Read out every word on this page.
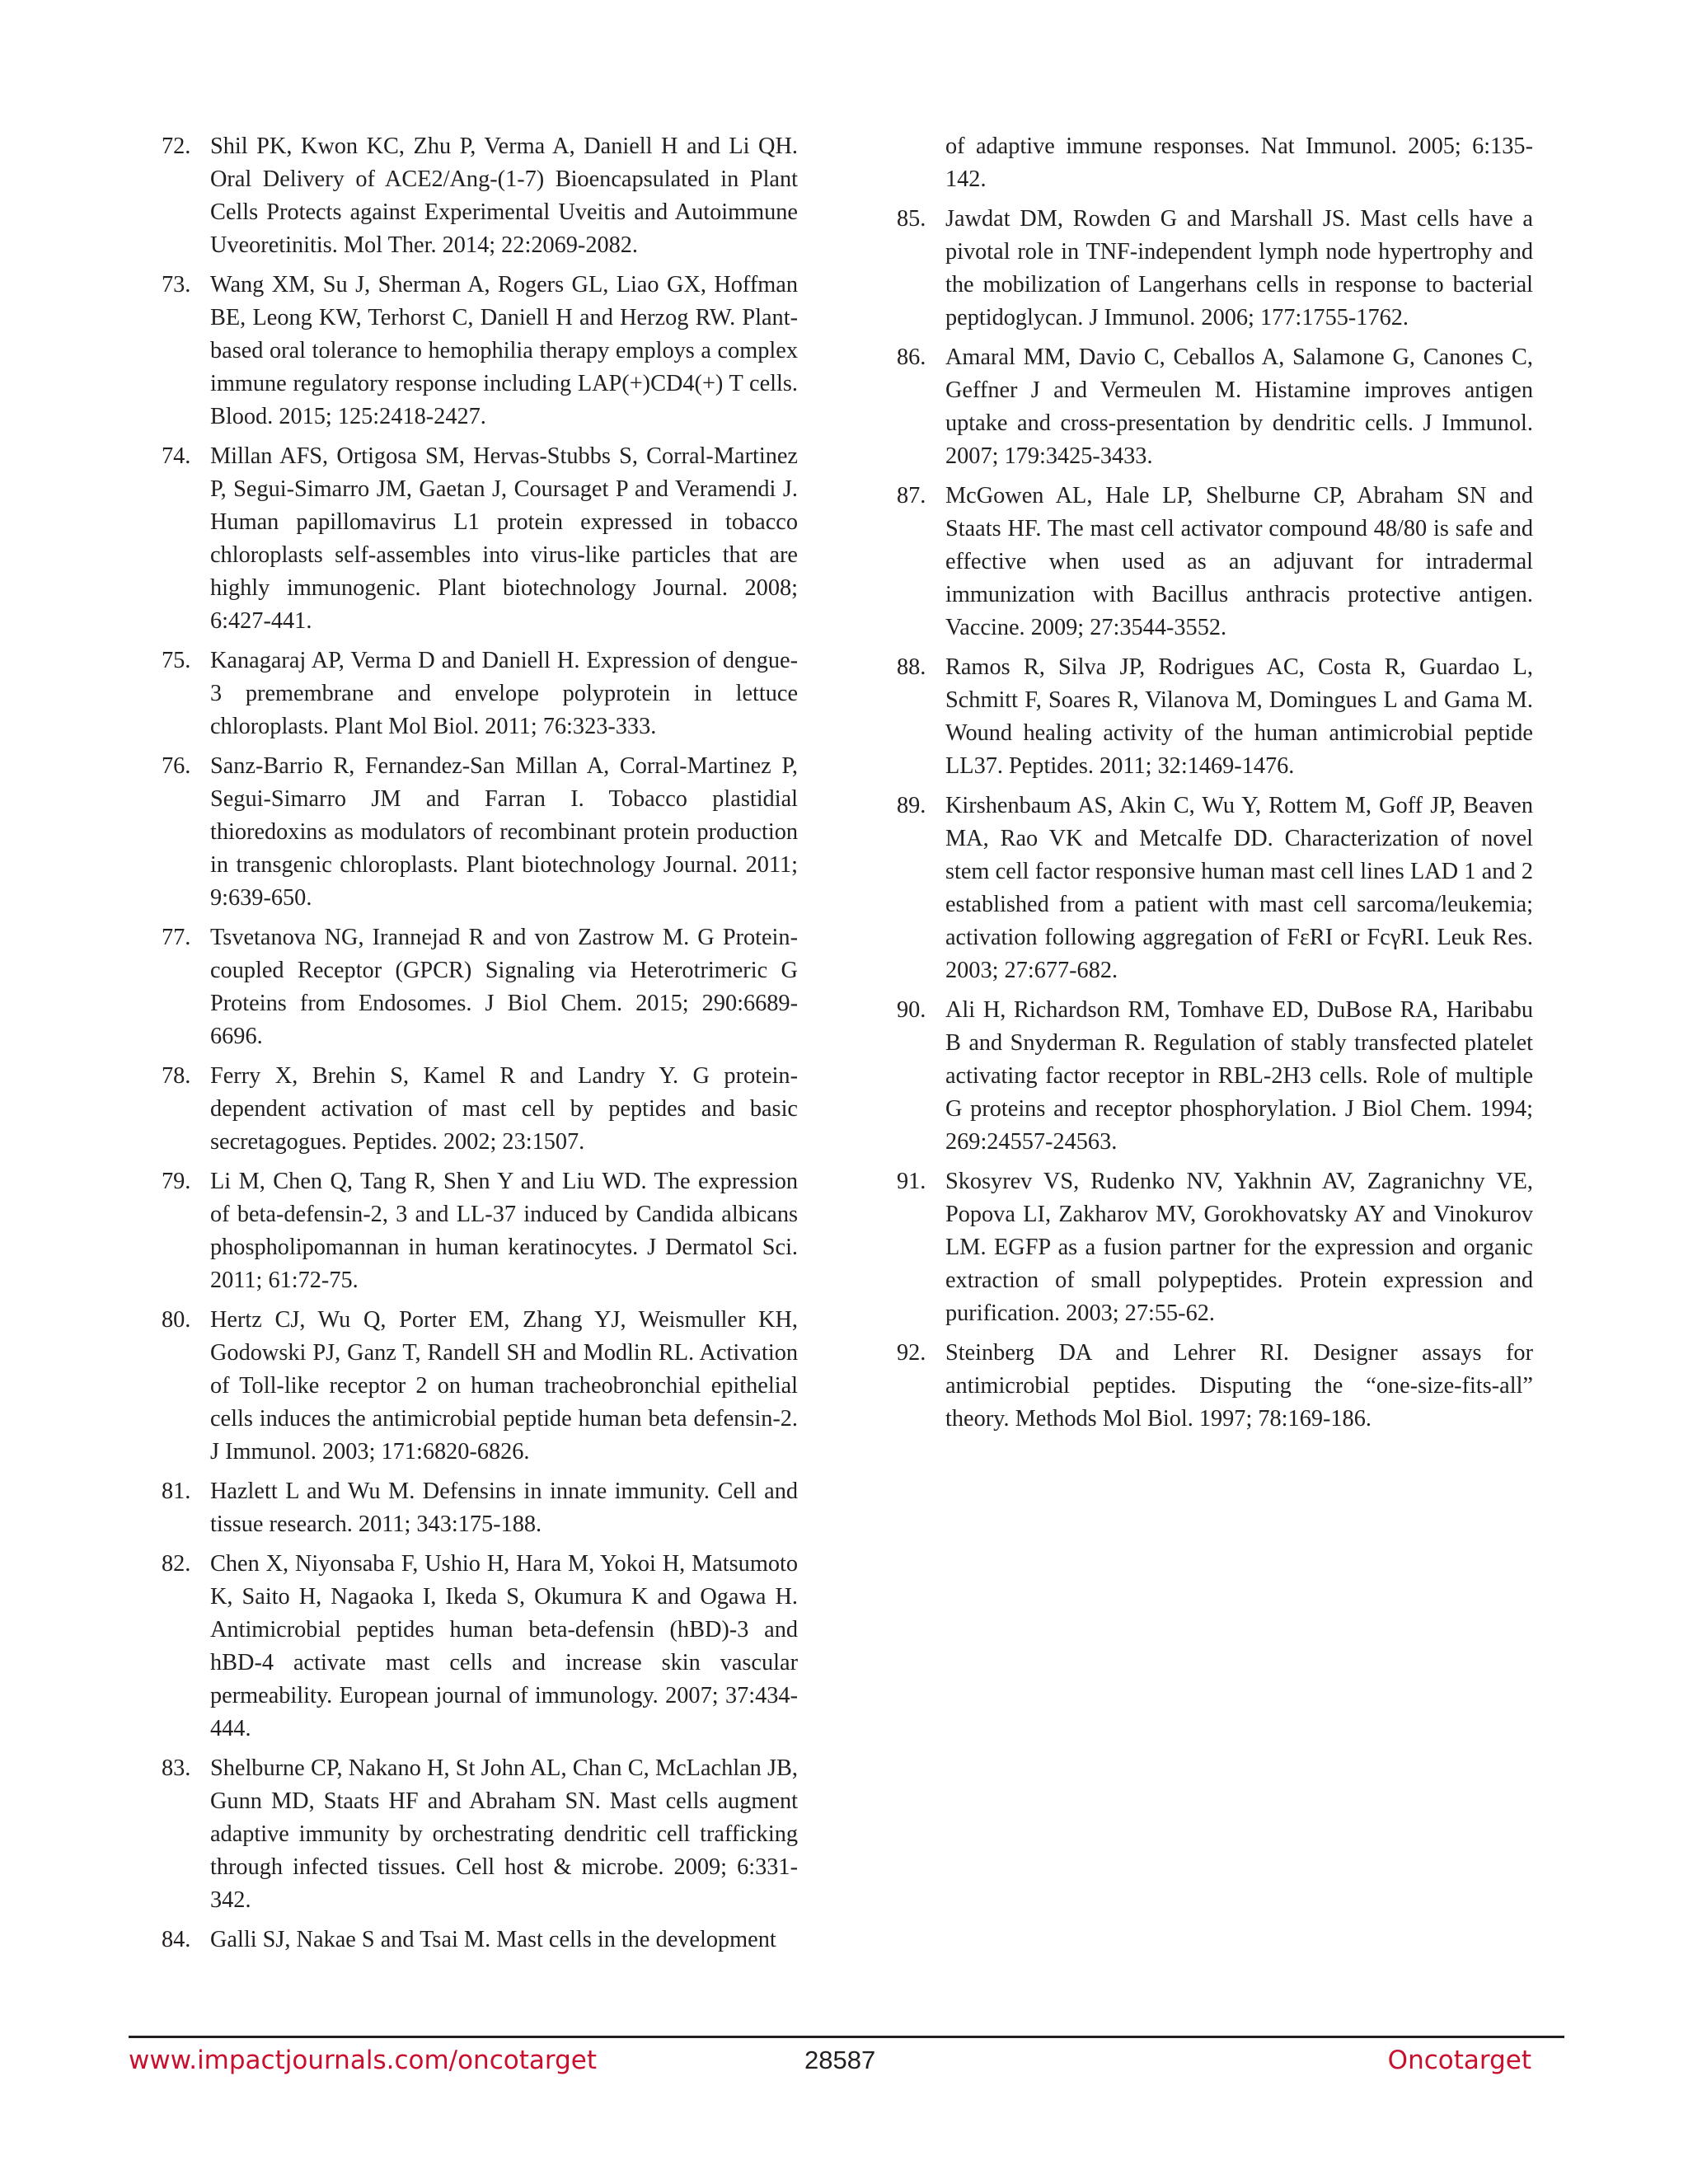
72. Shil PK, Kwon KC, Zhu P, Verma A, Daniell H and Li QH. Oral Delivery of ACE2/Ang-(1-7) Bioencapsulated in Plant Cells Protects against Experimental Uveitis and Autoimmune Uveoretinitis. Mol Ther. 2014; 22:2069-2082.
73. Wang XM, Su J, Sherman A, Rogers GL, Liao GX, Hoffman BE, Leong KW, Terhorst C, Daniell H and Herzog RW. Plant-based oral tolerance to hemophilia therapy employs a complex immune regulatory response including LAP(+)CD4(+) T cells. Blood. 2015; 125:2418-2427.
74. Millan AFS, Ortigosa SM, Hervas-Stubbs S, Corral-Martinez P, Segui-Simarro JM, Gaetan J, Coursaget P and Veramendi J. Human papillomavirus L1 protein expressed in tobacco chloroplasts self-assembles into virus-like particles that are highly immunogenic. Plant biotechnology Journal. 2008; 6:427-441.
75. Kanagaraj AP, Verma D and Daniell H. Expression of dengue-3 premembrane and envelope polyprotein in lettuce chloroplasts. Plant Mol Biol. 2011; 76:323-333.
76. Sanz-Barrio R, Fernandez-San Millan A, Corral-Martinez P, Segui-Simarro JM and Farran I. Tobacco plastidial thioredoxins as modulators of recombinant protein production in transgenic chloroplasts. Plant biotechnology Journal. 2011; 9:639-650.
77. Tsvetanova NG, Irannejad R and von Zastrow M. G Protein-coupled Receptor (GPCR) Signaling via Heterotrimeric G Proteins from Endosomes. J Biol Chem. 2015; 290:6689-6696.
78. Ferry X, Brehin S, Kamel R and Landry Y. G protein-dependent activation of mast cell by peptides and basic secretagogues. Peptides. 2002; 23:1507.
79. Li M, Chen Q, Tang R, Shen Y and Liu WD. The expression of beta-defensin-2, 3 and LL-37 induced by Candida albicans phospholipomannan in human keratinocytes. J Dermatol Sci. 2011; 61:72-75.
80. Hertz CJ, Wu Q, Porter EM, Zhang YJ, Weismuller KH, Godowski PJ, Ganz T, Randell SH and Modlin RL. Activation of Toll-like receptor 2 on human tracheobronchial epithelial cells induces the antimicrobial peptide human beta defensin-2. J Immunol. 2003; 171:6820-6826.
81. Hazlett L and Wu M. Defensins in innate immunity. Cell and tissue research. 2011; 343:175-188.
82. Chen X, Niyonsaba F, Ushio H, Hara M, Yokoi H, Matsumoto K, Saito H, Nagaoka I, Ikeda S, Okumura K and Ogawa H. Antimicrobial peptides human beta-defensin (hBD)-3 and hBD-4 activate mast cells and increase skin vascular permeability. European journal of immunology. 2007; 37:434-444.
83. Shelburne CP, Nakano H, St John AL, Chan C, McLachlan JB, Gunn MD, Staats HF and Abraham SN. Mast cells augment adaptive immunity by orchestrating dendritic cell trafficking through infected tissues. Cell host & microbe. 2009; 6:331-342.
84. Galli SJ, Nakae S and Tsai M. Mast cells in the development
of adaptive immune responses. Nat Immunol. 2005; 6:135-142.
85. Jawdat DM, Rowden G and Marshall JS. Mast cells have a pivotal role in TNF-independent lymph node hypertrophy and the mobilization of Langerhans cells in response to bacterial peptidoglycan. J Immunol. 2006; 177:1755-1762.
86. Amaral MM, Davio C, Ceballos A, Salamone G, Canones C, Geffner J and Vermeulen M. Histamine improves antigen uptake and cross-presentation by dendritic cells. J Immunol. 2007; 179:3425-3433.
87. McGowen AL, Hale LP, Shelburne CP, Abraham SN and Staats HF. The mast cell activator compound 48/80 is safe and effective when used as an adjuvant for intradermal immunization with Bacillus anthracis protective antigen. Vaccine. 2009; 27:3544-3552.
88. Ramos R, Silva JP, Rodrigues AC, Costa R, Guardao L, Schmitt F, Soares R, Vilanova M, Domingues L and Gama M. Wound healing activity of the human antimicrobial peptide LL37. Peptides. 2011; 32:1469-1476.
89. Kirshenbaum AS, Akin C, Wu Y, Rottem M, Goff JP, Beaven MA, Rao VK and Metcalfe DD. Characterization of novel stem cell factor responsive human mast cell lines LAD 1 and 2 established from a patient with mast cell sarcoma/leukemia; activation following aggregation of FεRI or FcγRI. Leuk Res. 2003; 27:677-682.
90. Ali H, Richardson RM, Tomhave ED, DuBose RA, Haribabu B and Snyderman R. Regulation of stably transfected platelet activating factor receptor in RBL-2H3 cells. Role of multiple G proteins and receptor phosphorylation. J Biol Chem. 1994; 269:24557-24563.
91. Skosyrev VS, Rudenko NV, Yakhnin AV, Zagranichny VE, Popova LI, Zakharov MV, Gorokhovatsky AY and Vinokurov LM. EGFP as a fusion partner for the expression and organic extraction of small polypeptides. Protein expression and purification. 2003; 27:55-62.
92. Steinberg DA and Lehrer RI. Designer assays for antimicrobial peptides. Disputing the “one-size-fits-all” theory. Methods Mol Biol. 1997; 78:169-186.
www.impactjournals.com/oncotarget	28587	Oncotarget
